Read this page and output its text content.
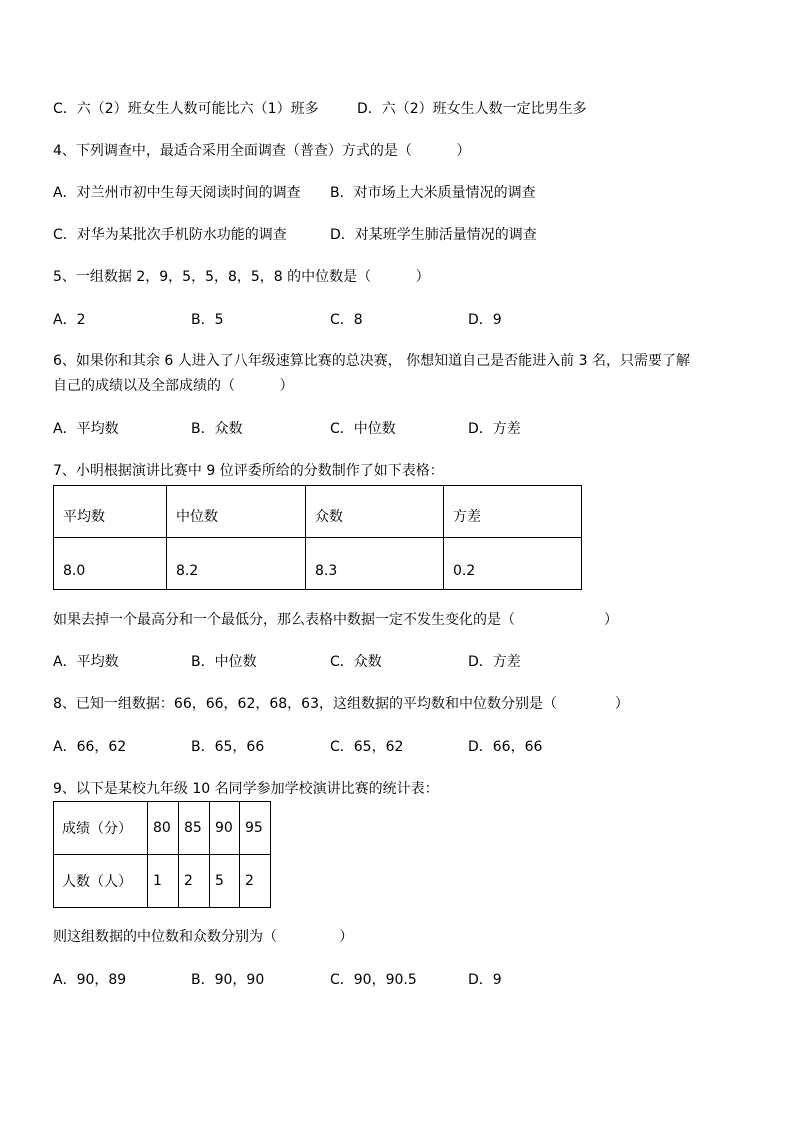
C．六（2）班女生人数可能比六（1）班多	D．六（2）班女生人数一定比男生多
4、下列调查中，最适合采用全面调查（普查）方式的是（          ）
A．对兰州市初中生每天阅读时间的调查 B．对市场上大米质量情况的调查
C．对华为某批次手机防水功能的调查	D．对某班学生肺活量情况的调查
5、一组数据 2，9，5，5，8，5，8 的中位数是（          ）
A．2	B．5	C．8	D．9
6、如果你和其余 6 人进入了八年级速算比赛的总决赛， 你想知道自己是否能进入前 3 名，只需要了解
自己的成绩以及全部成绩的（          ）
A．平均数	B．众数	C．中位数	D．方差
7、小明根据演讲比赛中 9 位评委所给的分数制作了如下表格：
平均数	中位数	众数	方差
8.0	8.2	8.3	0.2
如果去掉一个最高分和一个最低分，那么表格中数据一定不发生变化的是（                    ）
A．平均数	B．中位数	C．众数	D．方差
8、已知一组数据：66，66，62，68，63，这组数据的平均数和中位数分别是（             ）
A．66，62	B．65，66	C．65，62	D．66，66
9、以下是某校九年级 10 名同学参加学校演讲比赛的统计表：
成绩（分）	80	85	90	95
人数（人）	1	2	5	2
则这组数据的中位数和众数分别为（              ）
A．90，89	B．90，90	C．90，90.5	D．9
